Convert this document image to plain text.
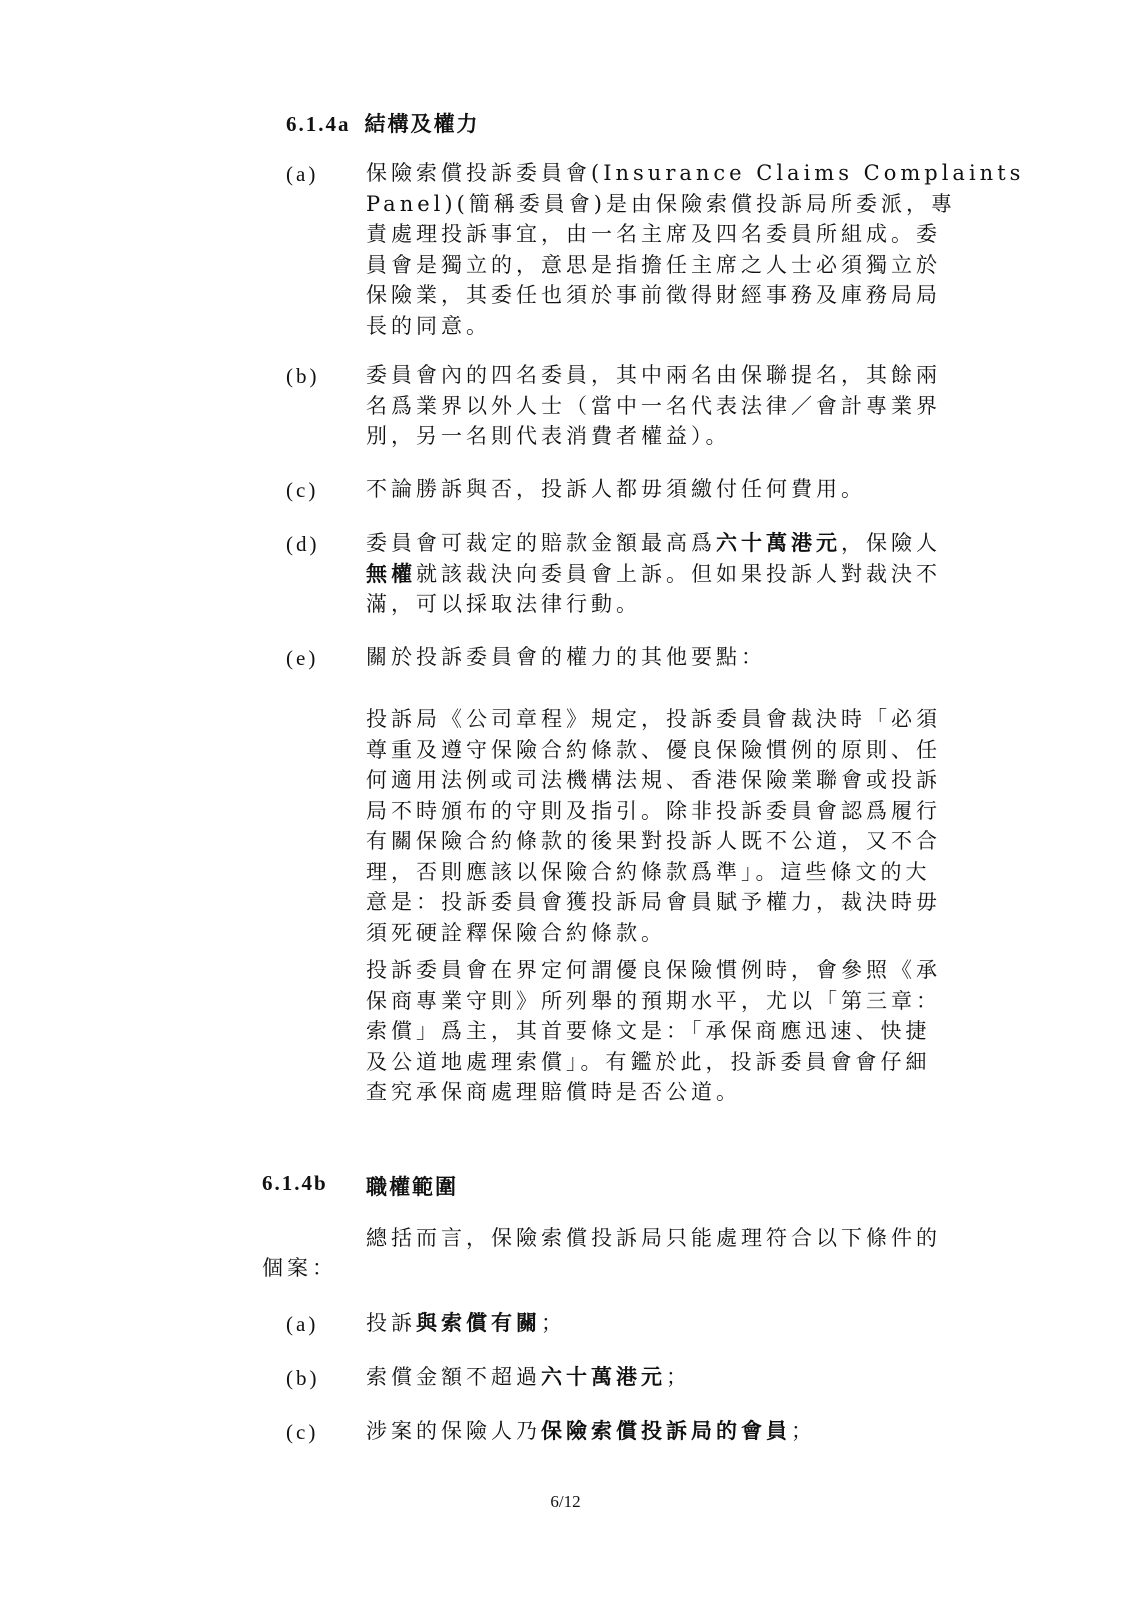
6.1.4a 結構及權力
(a) 保險索償投訴委員會(Insurance Claims Complaints
Panel)(簡稱委員會)是由保險索償投訴局所委派，專
責處理投訴事宜，由一名主席及四名委員所組成。委
員會是獨立的，意思是指擔任主席之人士必須獨立於
保險業，其委任也須於事前徵得財經事務及庫務局局
長的同意。

(b) 委員會內的四名委員，其中兩名由保聯提名，其餘兩
名爲業界以外人士（當中一名代表法律／會計專業界
別，另一名則代表消費者權益）。

(c) 不論勝訴與否，投訴人都毋須繳付任何費用。

(d) 委員會可裁定的賠款金額最高爲六十萬港元，保險人
無權就該裁決向委員會上訴。但如果投訴人對裁決不
滿，可以採取法律行動。

(e) 關於投訴委員會的權力的其他要點：

投訴局《公司章程》規定，投訴委員會裁決時「必須
尊重及遵守保險合約條款、優良保險慣例的原則、任
何適用法例或司法機構法規、香港保險業聯會或投訴
局不時頒布的守則及指引。除非投訴委員會認爲履行
有關保險合約條款的後果對投訴人既不公道，又不合
理，否則應該以保險合約條款爲準」。這些條文的大
意是：投訴委員會獲投訴局會員賦予權力，裁決時毋
須死硬詮釋保險合約條款。

投訴委員會在界定何謂優良保險慣例時，會參照《承
保商專業守則》所列舉的預期水平，尤以「第三章：
索償」爲主，其首要條文是：「承保商應迅速、快捷
及公道地處理索償」。有鑑於此，投訴委員會會仔細
查究承保商處理賠償時是否公道。

6.1.4b 職權範圍
總括而言，保險索償投訴局只能處理符合以下條件的
個案：
(a) 投訴與索償有關；
(b) 索償金額不超過六十萬港元；
(c) 涉案的保險人乃保險索償投訴局的會員；
6/12
